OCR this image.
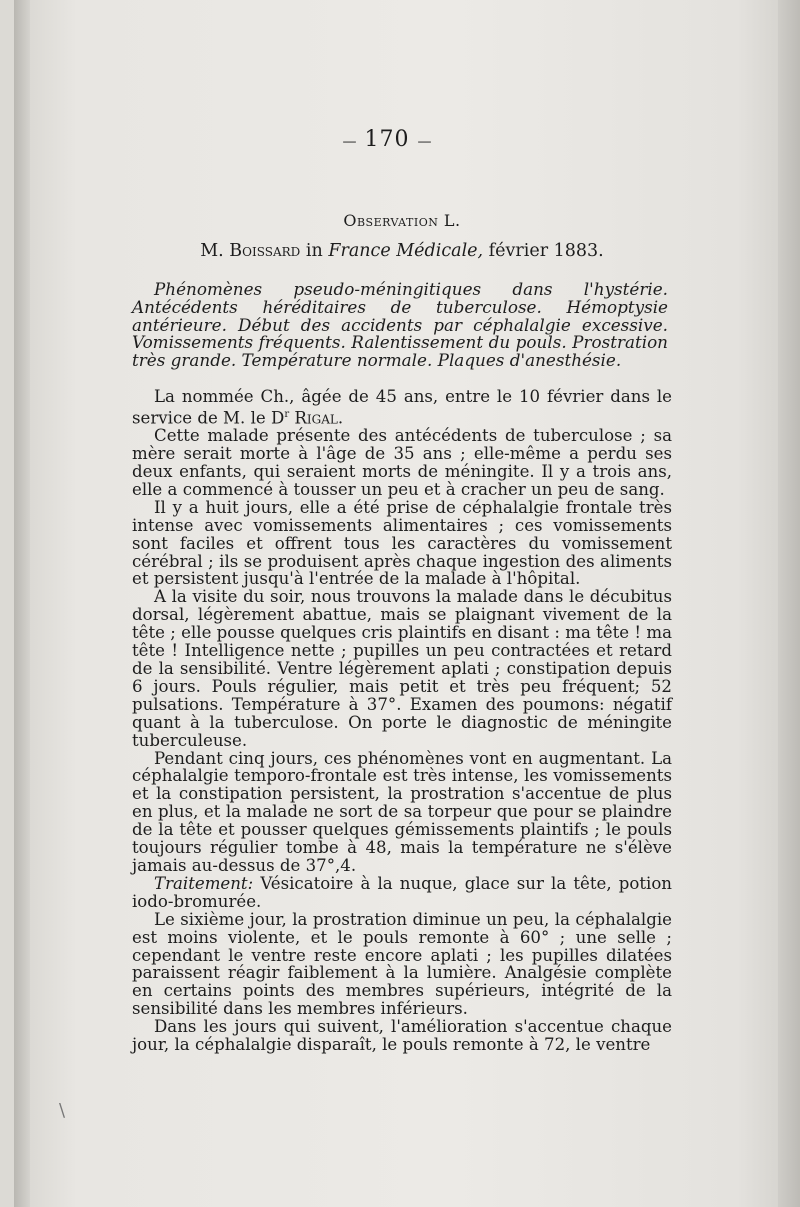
— 170 —
Observation L.
M. Boissard in France Médicale, février 1883.
Phénomènes pseudo-méningitiques dans l'hystérie. Antécédents héréditaires de tuberculose. Hémoptysie antérieure. Début des accidents par céphalalgie excessive. Vomissements fréquents. Ralentissement du pouls. Prostration très grande. Température normale. Plaques d'anesthésie.

La nommée Ch., âgée de 45 ans, entre le 10 février dans le service de M. le $D^r$ Rigal.

Cette malade présente des antécédents de tuberculose ; sa mère serait morte à l'âge de 35 ans ; elle-même a perdu ses deux enfants, qui seraient morts de méningite. Il y a trois ans, elle a commencé à tousser un peu et à cracher un peu de sang.

Il y a huit jours, elle a été prise de céphalalgie frontale très intense avec vomissements alimentaires ; ces vomissements sont faciles et offrent tous les caractères du vomissement cérébral ; ils se produisent après chaque ingestion des aliments et persistent jusqu'à l'entrée de la malade à l'hôpital.

A la visite du soir, nous trouvons la malade dans le décubitus dorsal, légèrement abattue, mais se plaignant vivement de la tête ; elle pousse quelques cris plaintifs en disant : ma tête ! ma tête ! Intelligence nette ; pupilles un peu contractées et retard de la sensibilité. Ventre légèrement aplati ; constipation depuis 6 jours. Pouls régulier, mais petit et très peu fréquent; 52 pulsations. Température à 37°. Examen des poumons: négatif quant à la tuberculose. On porte le diagnostic de méningite tuberculeuse.

Pendant cinq jours, ces phénomènes vont en augmentant. La céphalalgie temporo-frontale est très intense, les vomissements et la constipation persistent, la prostration s'accentue de plus en plus, et la malade ne sort de sa torpeur que pour se plaindre de la tête et pousser quelques gémissements plaintifs ; le pouls toujours régulier tombe à 48, mais la température ne s'élève jamais au-dessus de 37°,4.

Traitement: Vésicatoire à la nuque, glace sur la tête, potion iodo-bromurée.

Le sixième jour, la prostration diminue un peu, la céphalalgie est moins violente, et le pouls remonte à 60° ; une selle ; cependant le ventre reste encore aplati ; les pupilles dilatées paraissent réagir faiblement à la lumière. Analgésie complète en certains points des membres supérieurs, intégrité de la sensibilité dans les membres inférieurs.

Dans les jours qui suivent, l'amélioration s'accentue chaque jour, la céphalalgie disparaît, le pouls remonte à 72, le ventre

\
